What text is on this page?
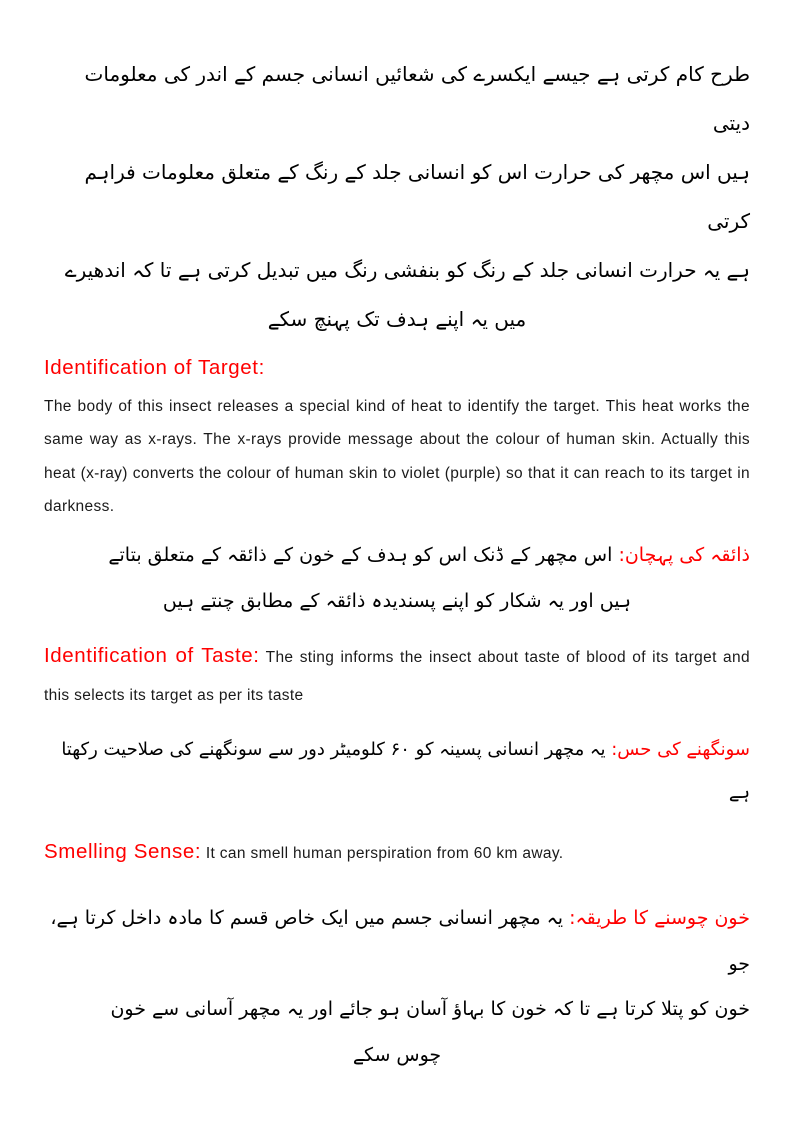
طرح کام کرتی ہے جیسے ایکسرے کی شعائیں انسانی جسم کے اندر کی معلومات دیتی
ہیں اس مچھر کی حرارت اس کو انسانی جلد کے رنگ کے متعلق معلومات فراہم کرتی
ہے یہ حرارت انسانی جلد کے رنگ کو بنفشی رنگ میں تبدیل کرتی ہے تا کہ اندھیرے
میں یہ اپنے ہدف تک پہنچ سکے
Identification of Target:
The body of this insect releases a special kind of heat to identify the target. This heat works the same way as x-rays. The x-rays provide message about the colour of human skin. Actually this heat (x-ray) converts the colour of human skin to violet (purple) so that it can reach to its target in darkness.
ذائقہ کی پہچان: اس مچھر کے ڈنک اس کو ہدف کے خون کے ذائقہ کے متعلق بتاتے
ہیں اور یہ شکار کو اپنے پسندیدہ ذائقہ کے مطابق چنتے ہیں
Identification of Taste: The sting informs the insect about taste of blood of its target and this selects its target as per its taste
سونگھنے کی حس: یہ مچھر انسانی پسینہ کو ۶۰ کلومیٹر دور سے سونگھنے کی صلاحیت رکھتا ہے
Smelling Sense: It can smell human perspiration from 60 km away.
خون چوسنے کا طریقہ: یہ مچھر انسانی جسم میں ایک خاص قسم کا مادہ داخل کرتا ہے، جو
خون کو پتلا کرتا ہے تا کہ خون کا بہاؤ آسان ہو جائے اور یہ مچھر آسانی سے خون
چوس سکے
